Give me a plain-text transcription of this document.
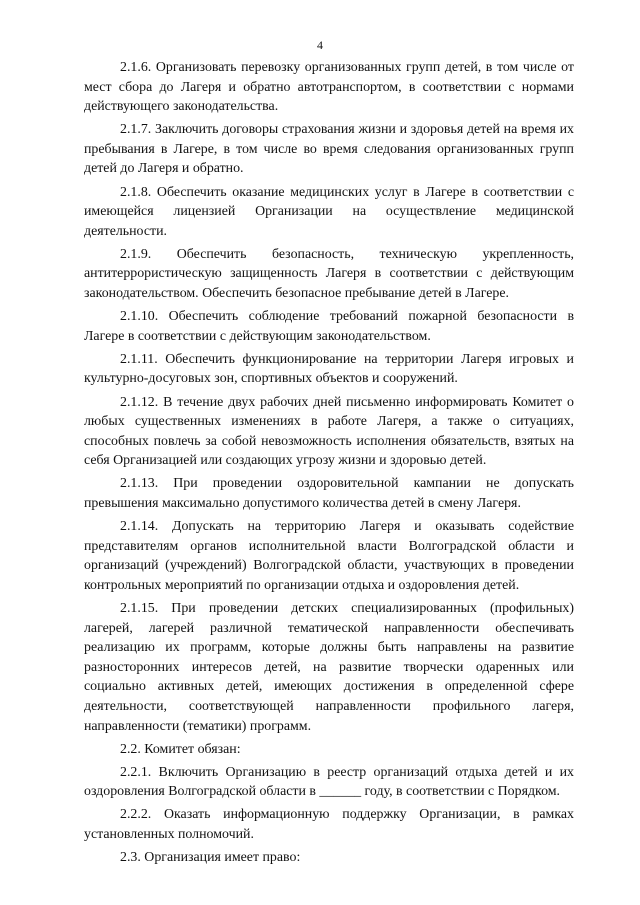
4

2.1.6. Организовать перевозку организованных групп детей, в том числе от мест сбора до Лагеря и обратно автотранспортом, в соответствии с нормами действующего законодательства.

2.1.7. Заключить договоры страхования жизни и здоровья детей на время их пребывания в Лагере, в том числе во время следования организованных групп детей до Лагеря и обратно.

2.1.8. Обеспечить оказание медицинских услуг в Лагере в соответствии с имеющейся лицензией Организации на осуществление медицинской деятельности.

2.1.9. Обеспечить безопасность, техническую укрепленность, антитеррористическую защищенность Лагеря в соответствии с действующим законодательством. Обеспечить безопасное пребывание детей в Лагере.

2.1.10. Обеспечить соблюдение требований пожарной безопасности в Лагере в соответствии с действующим законодательством.

2.1.11. Обеспечить функционирование на территории Лагеря игровых и культурно-досуговых зон, спортивных объектов и сооружений.

2.1.12. В течение двух рабочих дней письменно информировать Комитет о любых существенных изменениях в работе Лагеря, а также о ситуациях, способных повлечь за собой невозможность исполнения обязательств, взятых на себя Организацией или создающих угрозу жизни и здоровью детей.

2.1.13. При проведении оздоровительной кампании не допускать превышения максимально допустимого количества детей в смену Лагеря.

2.1.14. Допускать на территорию Лагеря и оказывать содействие представителям органов исполнительной власти Волгоградской области и организаций (учреждений) Волгоградской области, участвующих в проведении контрольных мероприятий по организации отдыха и оздоровления детей.

2.1.15. При проведении детских специализированных (профильных) лагерей, лагерей различной тематической направленности обеспечивать реализацию их программ, которые должны быть направлены на развитие разносторонних интересов детей, на развитие творчески одаренных или социально активных детей, имеющих достижения в определенной сфере деятельности, соответствующей направленности профильного лагеря, направленности (тематики) программ.

2.2. Комитет обязан:

2.2.1. Включить Организацию в реестр организаций отдыха детей и их оздоровления Волгоградской области в ______ году, в соответствии с Порядком.

2.2.2. Оказать информационную поддержку Организации, в рамках установленных полномочий.

2.3. Организация имеет право:
